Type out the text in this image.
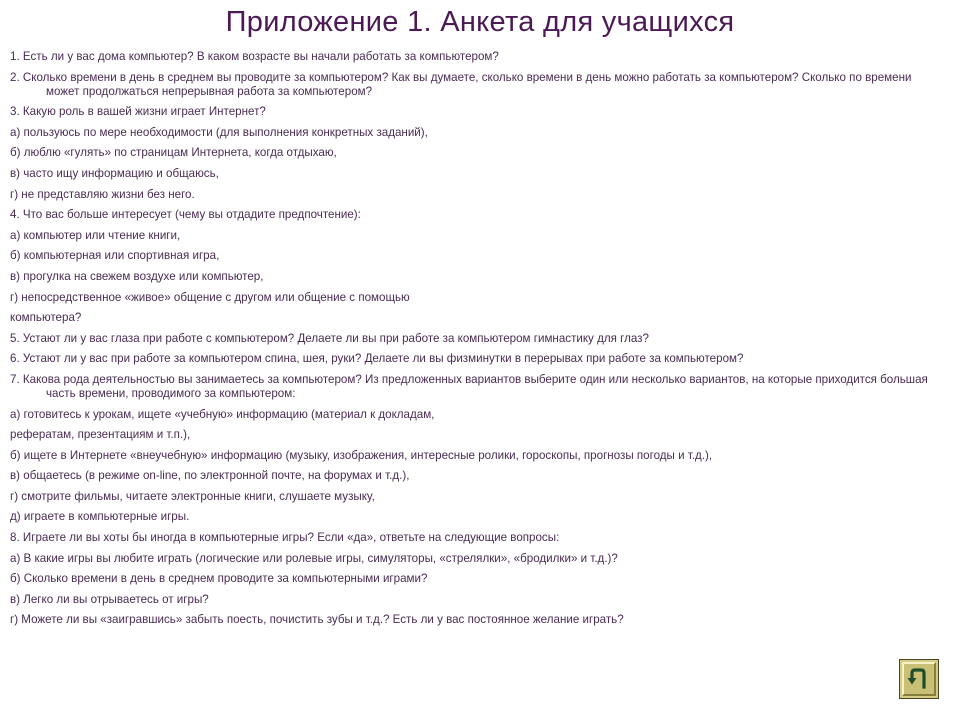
Приложение 1. Анкета для учащихся
1. Есть ли у вас дома компьютер? В каком возрасте вы начали работать за компьютером?
2. Сколько времени в день в среднем вы проводите за компьютером? Как вы думаете, сколько времени в день можно работать за компьютером? Сколько по времени может продолжаться непрерывная работа за компьютером?
3. Какую роль в вашей жизни играет Интернет?
а) пользуюсь по мере необходимости (для выполнения конкретных заданий),
б) люблю «гулять» по страницам Интернета, когда отдыхаю,
в) часто ищу информацию и общаюсь,
г) не представляю жизни без него.
4. Что вас больше интересует (чему вы отдадите предпочтение):
а) компьютер или чтение книги,
б) компьютерная или спортивная игра,
в) прогулка на свежем воздухе или компьютер,
г) непосредственное «живое» общение с другом или общение с помощью
компьютера?
5. Устают ли у вас глаза при работе с компьютером? Делаете ли вы при работе за компьютером гимнастику для глаз?
6. Устают ли у вас при работе за компьютером спина, шея, руки? Делаете ли вы физминутки в перерывах при работе за компьютером?
7. Какова рода деятельностью вы занимаетесь за компьютером? Из предложенных вариантов выберите один или несколько вариантов, на которые приходится большая часть времени, проводимого за компьютером:
а) готовитесь к урокам, ищете «учебную» информацию (материал к докладам,
рефератам, презентациям и т.п.),
б) ищете в Интернете «внеучебную» информацию (музыку, изображения, интересные ролики, гороскопы, прогнозы погоды и т.д.),
в) общаетесь (в режиме on-line, по электронной почте, на форумах и т.д.),
г) смотрите фильмы, читаете электронные книги, слушаете музыку,
д) играете в компьютерные игры.
8. Играете ли вы хоты бы иногда в компьютерные игры? Если «да», ответьте на следующие вопросы:
а) В какие игры вы любите играть (логические или ролевые игры, симуляторы, «стрелялки», «бродилки» и т.д.)?
б) Сколько времени в день в среднем проводите за компьютерными играми?
в) Легко ли вы отрываетесь от игры?
г) Можете ли вы «заигравшись» забыть поесть, почистить зубы и т.д.? Есть ли у вас постоянное желание играть?
